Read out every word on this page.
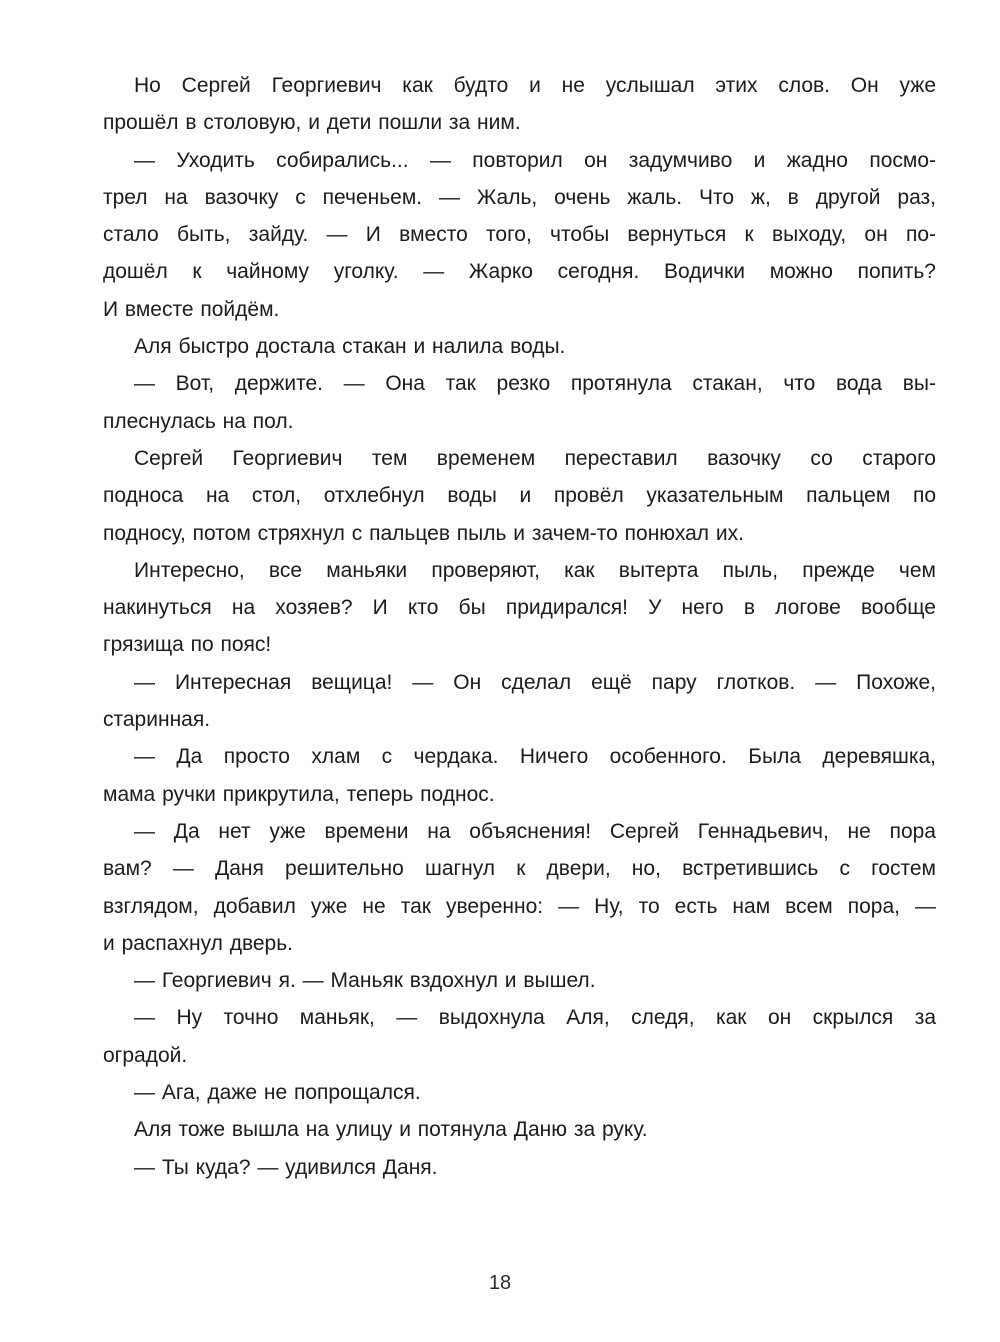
Но Сергей Георгиевич как будто и не услышал этих слов. Он уже
прошёл в столовую, и дети пошли за ним.

— Уходить собирались... — повторил он задумчиво и жадно посмо-
трел на вазочку с печеньем. — Жаль, очень жаль. Что ж, в другой раз,
стало быть, зайду. — И вместо того, чтобы вернуться к выходу, он по-
дошёл к чайному уголку. — Жарко сегодня. Водички можно попить?
И вместе пойдём.

Аля быстро достала стакан и налила воды.

— Вот, держите. — Она так резко протянула стакан, что вода вы-
плеснулась на пол.

Сергей Георгиевич тем временем переставил вазочку со старого
подноса на стол, отхлебнул воды и провёл указательным пальцем по
подносу, потом стряхнул с пальцев пыль и зачем-то понюхал их.

Интересно, все маньяки проверяют, как вытерта пыль, прежде чем
накинуться на хозяев? И кто бы придирался! У него в логове вообще
грязища по пояс!

— Интересная вещица! — Он сделал ещё пару глотков. — Похоже,
старинная.

— Да просто хлам с чердака. Ничего особенного. Была деревяшка,
мама ручки прикрутила, теперь поднос.

— Да нет уже времени на объяснения! Сергей Геннадьевич, не пора
вам? — Даня решительно шагнул к двери, но, встретившись с гостем
взглядом, добавил уже не так уверенно: — Ну, то есть нам всем пора, —
и распахнул дверь.

— Георгиевич я. — Маньяк вздохнул и вышел.

— Ну точно маньяк, — выдохнула Аля, следя, как он скрылся за
оградой.

— Ага, даже не попрощался.

Аля тоже вышла на улицу и потянула Даню за руку.

— Ты куда? — удивился Даня.

18
